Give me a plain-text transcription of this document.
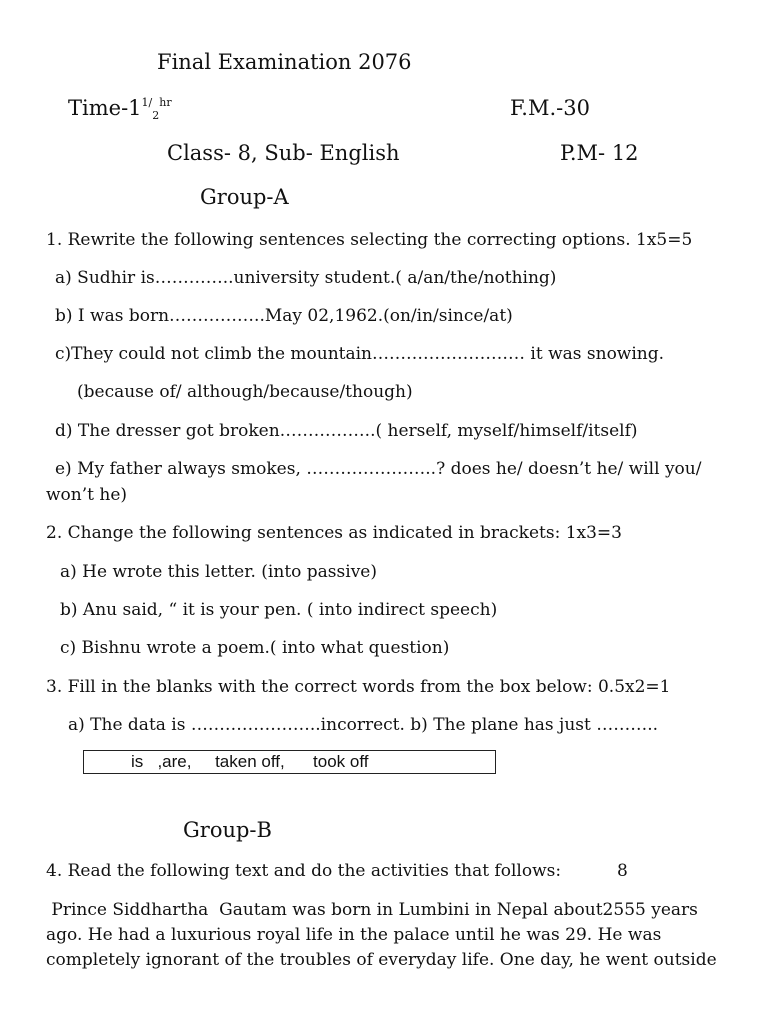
Final Examination 2076
Time-$1^{1/}2^{hr}$	F.M.-30
Class- 8, Sub- English	P.M- 12
Group-A
1. Rewrite the following sentences selecting the correcting options. 1x5=5
a) Sudhir is…………..university student.( a/an/the/nothing)
b) I was born……………..May 02,1962.(on/in/since/at)
c)They could not climb the mountain……………………… it was snowing.
(because of/ although/because/though)
d) The dresser got broken……………..( herself, myself/himself/itself)
e) My father always smokes, …………………..? does he/ doesn’t he/ will you/
won’t he)
2. Change the following sentences as indicated in brackets: 1x3=3
a) He wrote this letter. (into passive)
b) Anu said, “ it is your pen. ( into indirect speech)
c) Bishnu wrote a poem.( into what question)
3. Fill in the blanks with the correct words from the box below: 0.5x2=1
a) The data is …………………..incorrect. b) The plane has just ………..
is   ,are,     taken off,      took off
Group-B
4. Read the following text and do the activities that follows:	8
Prince Siddhartha  Gautam was born in Lumbini in Nepal about2555 years
ago. He had a luxurious royal life in the palace until he was 29. He was
completely ignorant of the troubles of everyday life. One day, he went outside
